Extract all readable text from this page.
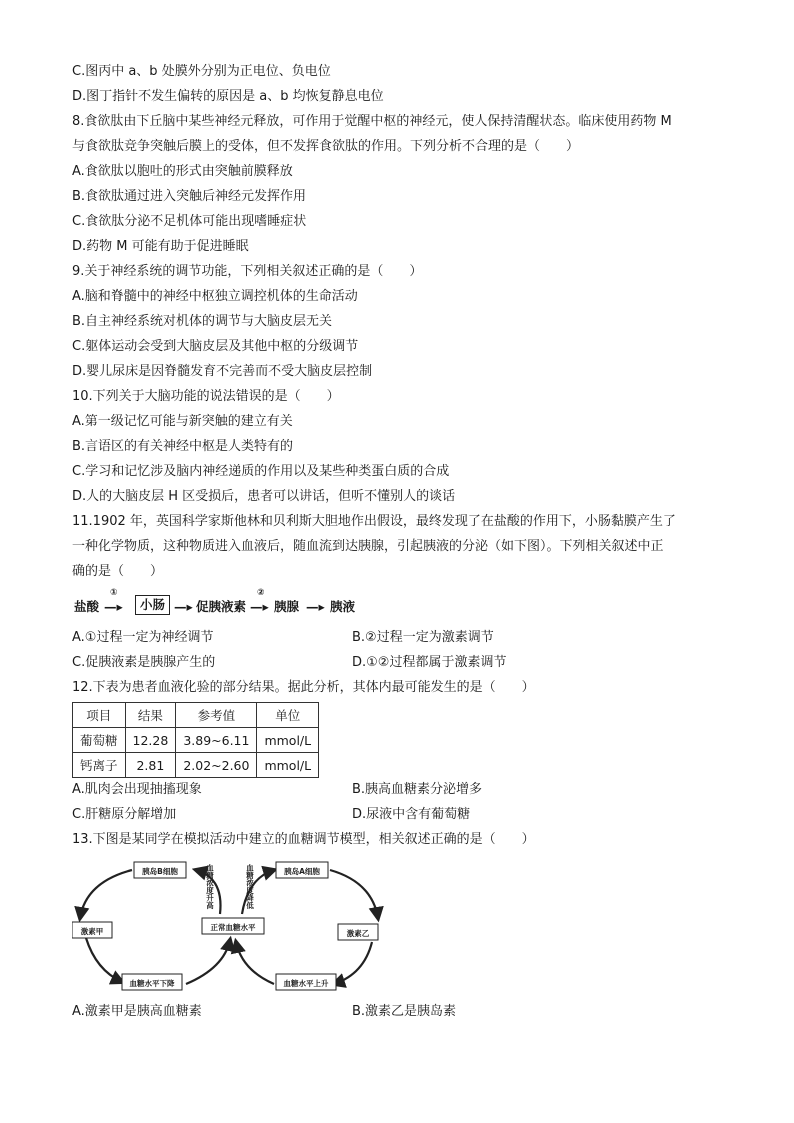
C.图丙中 a、b 处膜外分别为正电位、负电位
D.图丁指针不发生偏转的原因是 a、b 均恢复静息电位
8.食欲肽由下丘脑中某些神经元释放，可作用于觉醒中枢的神经元，使人保持清醒状态。临床使用药物 M
与食欲肽竞争突触后膜上的受体，但不发挥食欲肽的作用。下列分析不合理的是（　　）
A.食欲肽以胞吐的形式由突触前膜释放
B.食欲肽通过进入突触后神经元发挥作用
C.食欲肽分泌不足机体可能出现嗜睡症状
D.药物 M 可能有助于促进睡眠
9.关于神经系统的调节功能，下列相关叙述正确的是（　　）
A.脑和脊髓中的神经中枢独立调控机体的生命活动
B.自主神经系统对机体的调节与大脑皮层无关
C.躯体运动会受到大脑皮层及其他中枢的分级调节
D.婴儿尿床是因脊髓发育不完善而不受大脑皮层控制
10.下列关于大脑功能的说法错误的是（　　）
A.第一级记忆可能与新突触的建立有关
B.言语区的有关神经中枢是人类特有的
C.学习和记忆涉及脑内神经递质的作用以及某些种类蛋白质的合成
D.人的大脑皮层 H 区受损后，患者可以讲话，但听不懂别人的谈话
11.1902 年，英国科学家斯他林和贝利斯大胆地作出假设，最终发现了在盐酸的作用下，小肠黏膜产生了
一种化学物质，这种物质进入血液后，随血流到达胰腺，引起胰液的分泌（如下图）。下列相关叙述中正
确的是（　　）
盐酸
①
—▸	小肠 —▸ 促胰液素
②
—▸ 胰腺 —▸ 胰液
A.①过程一定为神经调节	B.②过程一定为激素调节
C.促胰液素是胰腺产生的	D.①②过程都属于激素调节
12.下表为患者血液化验的部分结果。据此分析，其体内最可能发生的是（　　）
项目	结果	参考值	单位
葡萄糖	12.28	3.89~6.11	mmol/L
钙离子	2.81	2.02~2.60	mmol/L
A.肌肉会出现抽搐现象	B.胰高血糖素分泌增多
C.肝糖原分解增加	D.尿液中含有葡萄糖
13.下图是某同学在模拟活动中建立的血糖调节模型，相关叙述正确的是（　　）
胰岛B细胞	胰岛A细胞
激素甲	激素乙
正常血糖水平
血糖水平下降	血糖水平上升
血糖浓度升高	血糖浓度降低
A.激素甲是胰高血糖素	B.激素乙是胰岛素
